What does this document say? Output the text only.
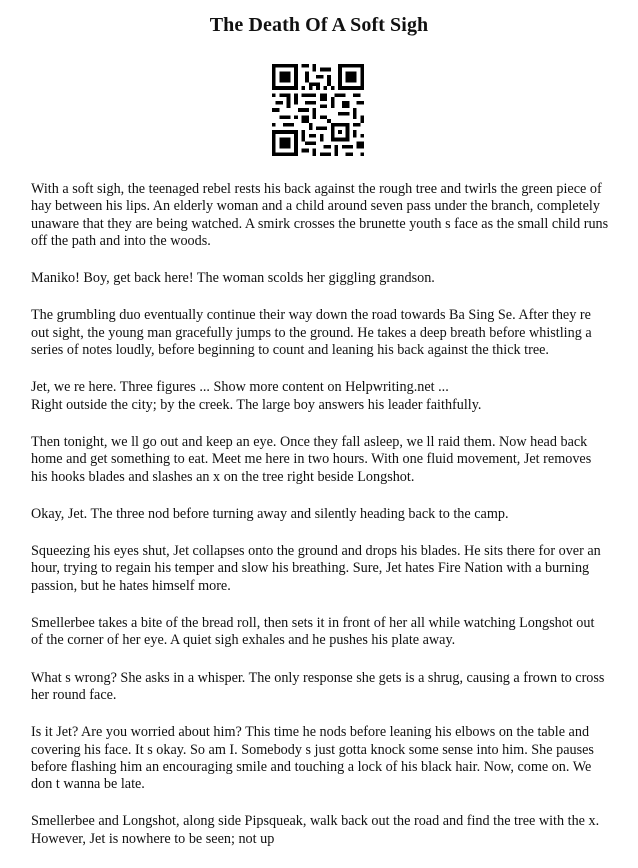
The Death Of A Soft Sigh

With a soft sigh, the teenaged rebel rests his back against the rough tree and twirls the green piece of hay between his lips. An elderly woman and a child around seven pass under the branch, completely unaware that they are being watched. A smirk crosses the brunette youth s face as the small child runs off the path and into the woods.

Maniko! Boy, get back here! The woman scolds her giggling grandson.

The grumbling duo eventually continue their way down the road towards Ba Sing Se. After they re out sight, the young man gracefully jumps to the ground. He takes a deep breath before whistling a series of notes loudly, before beginning to count and leaning his back against the thick tree.

Jet, we re here. Three figures ... Show more content on Helpwriting.net ...
Right outside the city; by the creek. The large boy answers his leader faithfully.

Then tonight, we ll go out and keep an eye. Once they fall asleep, we ll raid them. Now head back home and get something to eat. Meet me here in two hours. With one fluid movement, Jet removes his hooks blades and slashes an x on the tree right beside Longshot.

Okay, Jet. The three nod before turning away and silently heading back to the camp.

Squeezing his eyes shut, Jet collapses onto the ground and drops his blades. He sits there for over an hour, trying to regain his temper and slow his breathing. Sure, Jet hates Fire Nation with a burning passion, but he hates himself more.

Smellerbee takes a bite of the bread roll, then sets it in front of her all while watching Longshot out of the corner of her eye. A quiet sigh exhales and he pushes his plate away.

What s wrong? She asks in a whisper. The only response she gets is a shrug, causing a frown to cross her round face.

Is it Jet? Are you worried about him? This time he nods before leaning his elbows on the table and covering his face. It s okay. So am I. Somebody s just gotta knock some sense into him. She pauses before flashing him an encouraging smile and touching a lock of his black hair. Now, come on. We don t wanna be late.

Smellerbee and Longshot, along side Pipsqueak, walk back out the road and find the tree with the x. However, Jet is nowhere to be seen; not up
